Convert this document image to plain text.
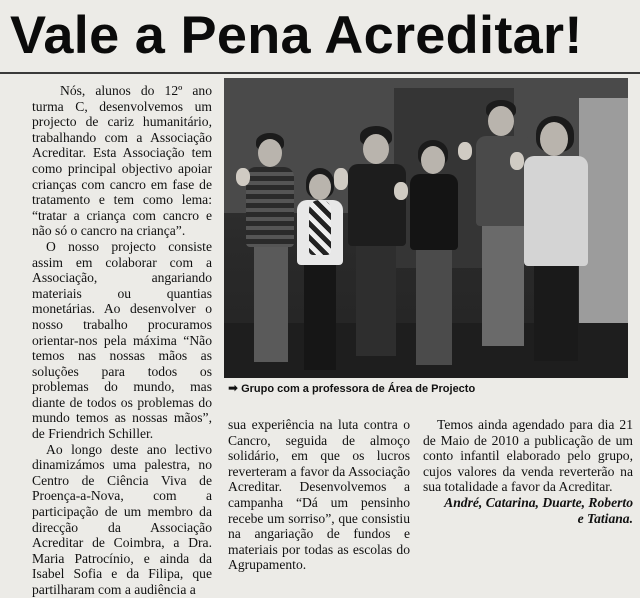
Vale a Pena Acreditar!

Nós, alunos do 12º ano turma C, desenvolvemos um projecto de cariz humanitário, trabalhando com a Associação Acreditar. Esta Associação tem como principal objectivo apoiar crianças com cancro em fase de tratamento e tem como lema: “tratar a criança com cancro e não só o cancro na criança”.

O nosso projecto consiste assim em colaborar com a Associação, angariando materiais ou quantias monetárias. Ao desenvolver o nosso trabalho procuramos orientar-nos pela máxima “Não temos nas nossas mãos as soluções para todos os problemas do mundo, mas diante de todos os problemas do mundo temos as nossas mãos”, de Friendrich Schiller.

Ao longo deste ano lectivo dinamizámos uma palestra, no Centro de Ciência Viva de Proença-a-Nova, com a participação de um membro da direcção da Associação Acreditar de Coimbra, a Dra. Maria Patrocínio, e ainda da Isabel Sofia e da Filipa, que partilharam com a audiência a

➡ Grupo com a professora de Área de Projecto

sua experiência na luta contra o Cancro, seguida de almoço solidário, em que os lucros reverteram a favor da Associação Acreditar. Desenvolvemos a campanha “Dá um pensinho recebe um sorriso”, que consistiu na angariação de fundos e materiais por todas as escolas do Agrupamento.

Temos ainda agendado para dia 21 de Maio de 2010 a publicação de um conto infantil elaborado pelo grupo, cujos valores da venda reverterão na sua totalidade a favor da Acreditar.

André, Catarina, Duarte, Roberto e Tatiana.
